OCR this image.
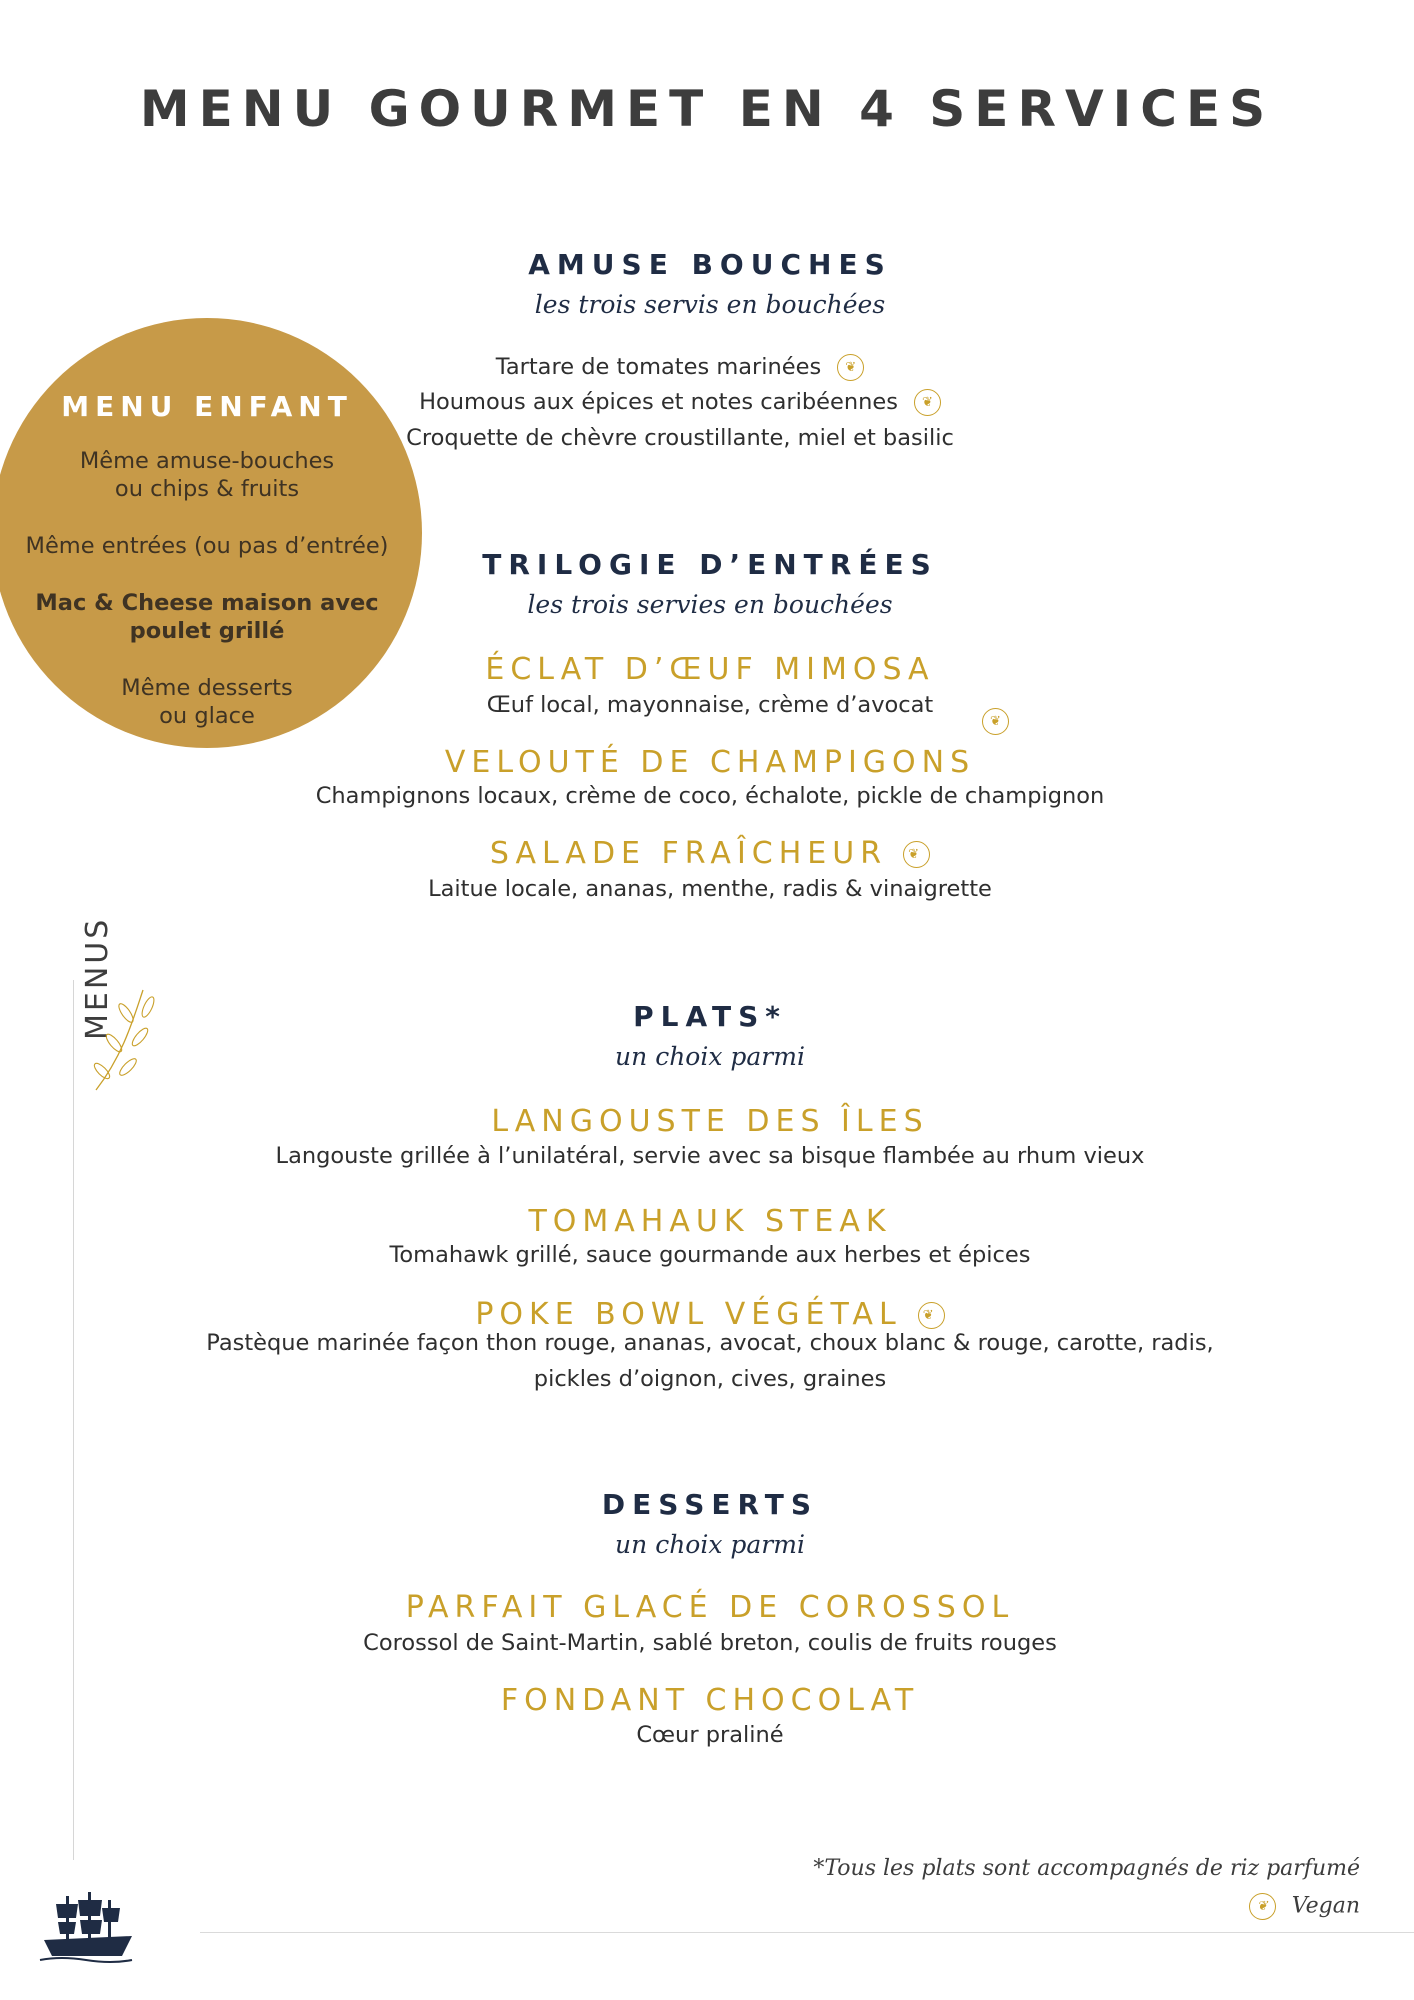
MENU GOURMET EN 4 SERVICES
MENU ENFANT
Même amuse-bouches
ou chips & fruits
Même entrées (ou pas d’entrée)
Mac & Cheese maison avec
poulet grillé
Même desserts
ou glace
AMUSE BOUCHES
les trois servis en bouchées
Tartare de tomates marinées❦
Houmous aux épices et notes caribéennes❦
Croquette de chèvre croustillante, miel et basilic
TRILOGIE D’ENTRÉES
les trois servies en bouchées
ÉCLAT D’ŒUF MIMOSA
Œuf local, mayonnaise, crème d’avocat
❦
VELOUTÉ DE CHAMPIGONS
Champignons locaux, crème de coco, échalote, pickle de champignon
SALADE FRAÎCHEUR❦
Laitue locale, ananas, menthe, radis & vinaigrette
PLATS*
un choix parmi
LANGOUSTE DES ÎLES
Langouste grillée à l’unilatéral, servie avec sa bisque flambée au rhum vieux
TOMAHAUK STEAK
Tomahawk grillé, sauce gourmande aux herbes et épices
POKE BOWL VÉGÉTAL❦
Pastèque marinée façon thon rouge, ananas, avocat, choux blanc & rouge, carotte, radis,
pickles d’oignon, cives, graines
DESSERTS
un choix parmi
PARFAIT GLACÉ DE COROSSOL
Corossol de Saint-Martin, sablé breton, coulis de fruits rouges
FONDANT CHOCOLAT
Cœur praliné
MENUS
*Tous les plats sont accompagnés de riz parfumé
❦Vegan
